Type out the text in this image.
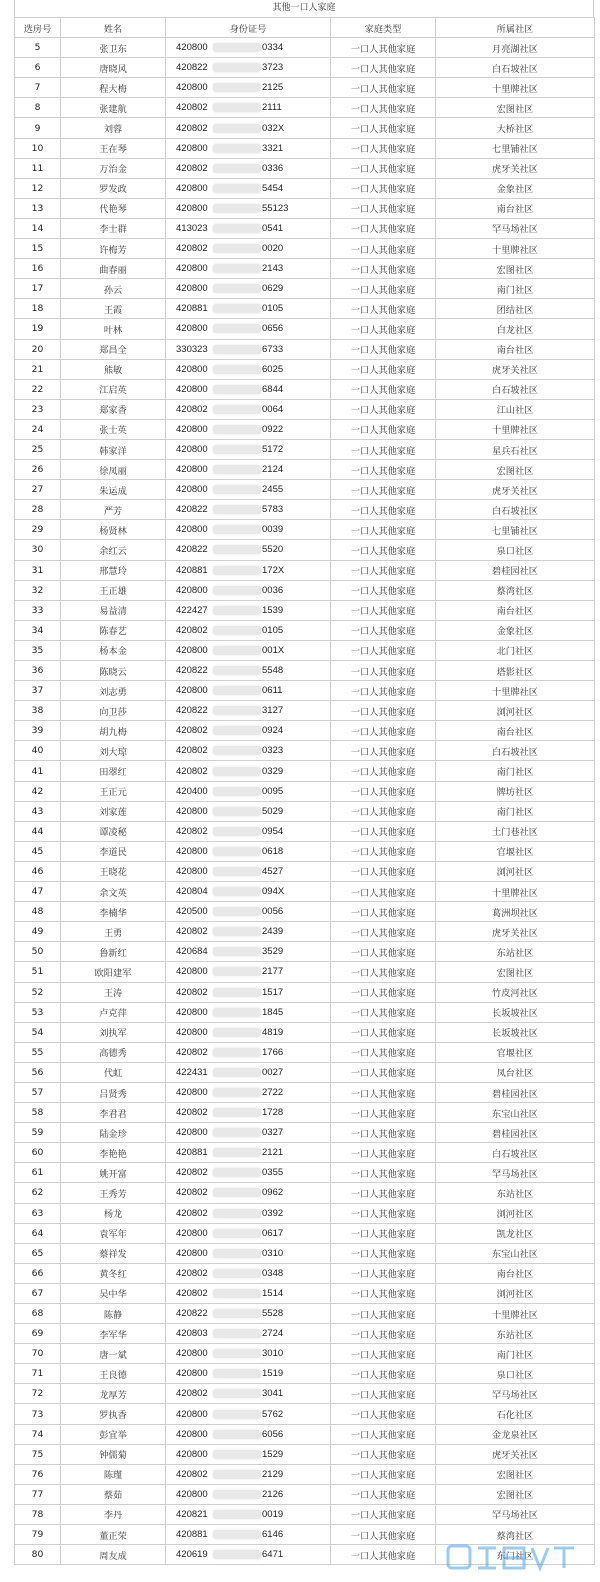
其他一口人家庭
选房号	姓名	身份证号	家庭类型	所属社区
5	张卫东	420800 0334	一口人其他家庭	月亮湖社区
6	唐晓风	420822 3723	一口人其他家庭	白石坡社区
7	程大梅	420800 2125	一口人其他家庭	十里牌社区
8	张建航	420802 2111	一口人其他家庭	宏图社区
9	刘蓉	420802 032X	一口人其他家庭	大桥社区
10	王在琴	420800 3321	一口人其他家庭	七里铺社区
11	万治金	420802 0336	一口人其他家庭	虎牙关社区
12	罗发政	420800 5454	一口人其他家庭	金象社区
13	代艳琴	420800 55123	一口人其他家庭	南台社区
14	李士群	413023 0541	一口人其他家庭	罕马场社区
15	许梅芳	420802 0020	一口人其他家庭	十里牌社区
16	曲春丽	420800 2143	一口人其他家庭	宏图社区
17	孙云	420800 0629	一口人其他家庭	南门社区
18	王霞	420881 0105	一口人其他家庭	团结社区
19	叶林	420800 0656	一口人其他家庭	白龙社区
20	郑昌全	330323 6733	一口人其他家庭	南台社区
21	熊敏	420800 6025	一口人其他家庭	虎牙关社区
22	江启英	420800 6844	一口人其他家庭	白石坡社区
23	郑家香	420802 0064	一口人其他家庭	江山社区
24	张士英	420800 0922	一口人其他家庭	十里牌社区
25	韩家洋	420800 5172	一口人其他家庭	星兵石社区
26	徐凤丽	420800 2124	一口人其他家庭	宏图社区
27	朱运成	420800 2455	一口人其他家庭	虎牙关社区
28	严芳	420822 5783	一口人其他家庭	白石坡社区
29	杨贤林	420800 0039	一口人其他家庭	七里铺社区
30	余红云	420822 5520	一口人其他家庭	泉口社区
31	邢慧玲	420881 172X	一口人其他家庭	碧桂园社区
32	王正雄	420800 0036	一口人其他家庭	蔡湾社区
33	易益清	422427 1539	一口人其他家庭	南台社区
34	陈春艺	420802 0105	一口人其他家庭	金象社区
35	杨本金	420800 001X	一口人其他家庭	北门社区
36	陈晓云	420822 5548	一口人其他家庭	塔影社区
37	刘志勇	420800 0611	一口人其他家庭	十里牌社区
38	向卫莎	420822 3127	一口人其他家庭	浏河社区
39	胡九梅	420802 0924	一口人其他家庭	南台社区
40	刘大琼	420802 0323	一口人其他家庭	白石坡社区
41	田翠红	420802 0329	一口人其他家庭	南门社区
42	王正元	420400 0095	一口人其他家庭	牌坊社区
43	刘家莲	420800 5029	一口人其他家庭	南门社区
44	谭凌秘	420802 0954	一口人其他家庭	土门巷社区
45	李道民	420800 0618	一口人其他家庭	官堰社区
46	王晓花	420800 4527	一口人其他家庭	浏河社区
47	余文英	420804 094X	一口人其他家庭	十里牌社区
48	李楠华	420500 0056	一口人其他家庭	葛洲坝社区
49	王勇	420802 2439	一口人其他家庭	虎牙关社区
50	鲁新红	420684 3529	一口人其他家庭	东站社区
51	欧阳建军	420800 2177	一口人其他家庭	宏图社区
52	王涛	420802 1517	一口人其他家庭	竹皮河社区
53	卢克萍	420800 1845	一口人其他家庭	长坂坡社区
54	刘执军	420800 4819	一口人其他家庭	长坂坡社区
55	高德秀	420802 1766	一口人其他家庭	官堰社区
56	代虹	422431 0027	一口人其他家庭	凤台社区
57	吕贤秀	420800 2722	一口人其他家庭	碧桂园社区
58	李君君	420802 1728	一口人其他家庭	东宝山社区
59	陆金珍	420800 0327	一口人其他家庭	碧桂园社区
60	李艳艳	420881 2121	一口人其他家庭	白石坡社区
61	姚开富	420802 0355	一口人其他家庭	罕马场社区
62	王秀芳	420802 0962	一口人其他家庭	东站社区
63	杨龙	420802 0392	一口人其他家庭	浏河社区
64	袁军年	420800 0617	一口人其他家庭	凯龙社区
65	蔡祥发	420800 0310	一口人其他家庭	东宝山社区
66	黄冬红	420802 0348	一口人其他家庭	南台社区
67	吴中华	420802 1514	一口人其他家庭	浏河社区
68	陈静	420822 5528	一口人其他家庭	十里牌社区
69	李军华	420803 2724	一口人其他家庭	东站社区
70	唐一斌	420800 3010	一口人其他家庭	南门社区
71	王良德	420800 1519	一口人其他家庭	泉口社区
72	龙厚芳	420802 3041	一口人其他家庭	罕马场社区
73	罗执香	420800 5762	一口人其他家庭	石化社区
74	彭宜举	420800 6056	一口人其他家庭	金龙泉社区
75	钟儒菊	420800 1529	一口人其他家庭	虎牙关社区
76	陈瑾	420802 2129	一口人其他家庭	宏图社区
77	蔡茹	420800 2126	一口人其他家庭	宏图社区
78	李丹	420821 0019	一口人其他家庭	罕马场社区
79	董正荣	420881 6146	一口人其他家庭	蔡湾社区
80	周友成	420619 6471	一口人其他家庭	东门社区
